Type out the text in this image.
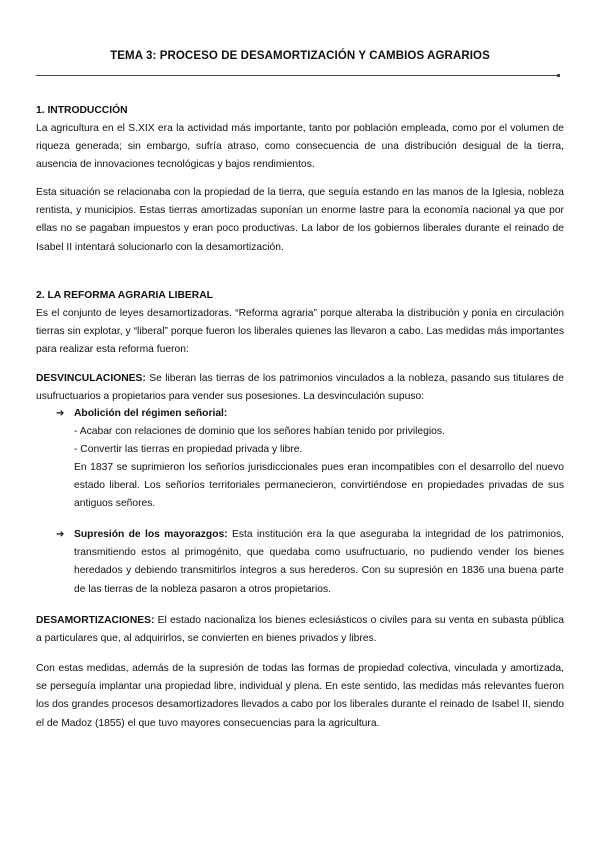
TEMA 3: PROCESO DE DESAMORTIZACIÓN Y CAMBIOS AGRARIOS
1. INTRODUCCIÓN

La agricultura en el S.XIX era la actividad más importante, tanto por población empleada, como por el volumen de riqueza generada; sin embargo, sufría atraso, como consecuencia de una distribución desigual de la tierra, ausencia de innovaciones tecnológicas y bajos rendimientos.

Esta situación se relacionaba con la propiedad de la tierra, que seguía estando en las manos de la Iglesia, nobleza rentista, y municipios. Estas tierras amortizadas suponían un enorme lastre para la economía nacional ya que por ellas no se pagaban impuestos y eran poco productivas. La labor de los gobiernos liberales durante el reinado de Isabel II intentará solucionarlo con la desamortización.

2. LA REFORMA AGRARIA LIBERAL

Es el conjunto de leyes desamortizadoras. “Reforma agraria” porque alteraba la distribución y ponía en circulación tierras sin explotar, y “liberal” porque fueron los liberales quienes las llevaron a cabo. Las medidas más importantes para realizar esta reforma fueron:

DESVINCULACIONES: Se liberan las tierras de los patrimonios vinculados a la nobleza, pasando sus titulares de usufructuarios a propietarios para vender sus posesiones. La desvinculación supuso:

➔ Abolición del régimen señorial:
- Acabar con relaciones de dominio que los señores habían tenido por privilegios.
- Convertir las tierras en propiedad privada y libre.

En 1837 se suprimieron los señoríos jurisdiccionales pues eran incompatibles con el desarrollo del nuevo estado liberal. Los señoríos territoriales permanecieron, convirtiéndose en propiedades privadas de sus antiguos señores.

➔ Supresión de los mayorazgos: Esta institución era la que aseguraba la integridad de los patrimonios, transmitiendo estos al primogénito, que quedaba como usufructuario, no pudiendo vender los bienes heredados y debiendo transmitirlos íntegros a sus herederos. Con su supresión en 1836 una buena parte de las tierras de la nobleza pasaron a otros propietarios.

DESAMORTIZACIONES: El estado nacionaliza los bienes eclesiásticos o civiles para su venta en subasta pública a particulares que, al adquirirlos, se convierten en bienes privados y libres.

Con estas medidas, además de la supresión de todas las formas de propiedad colectiva, vinculada y amortizada, se perseguía implantar una propiedad libre, individual y plena. En este sentido, las medidas más relevantes fueron los dos grandes procesos desamortizadores llevados a cabo por los liberales durante el reinado de Isabel II, siendo el de Madoz (1855) el que tuvo mayores consecuencias para la agricultura.
